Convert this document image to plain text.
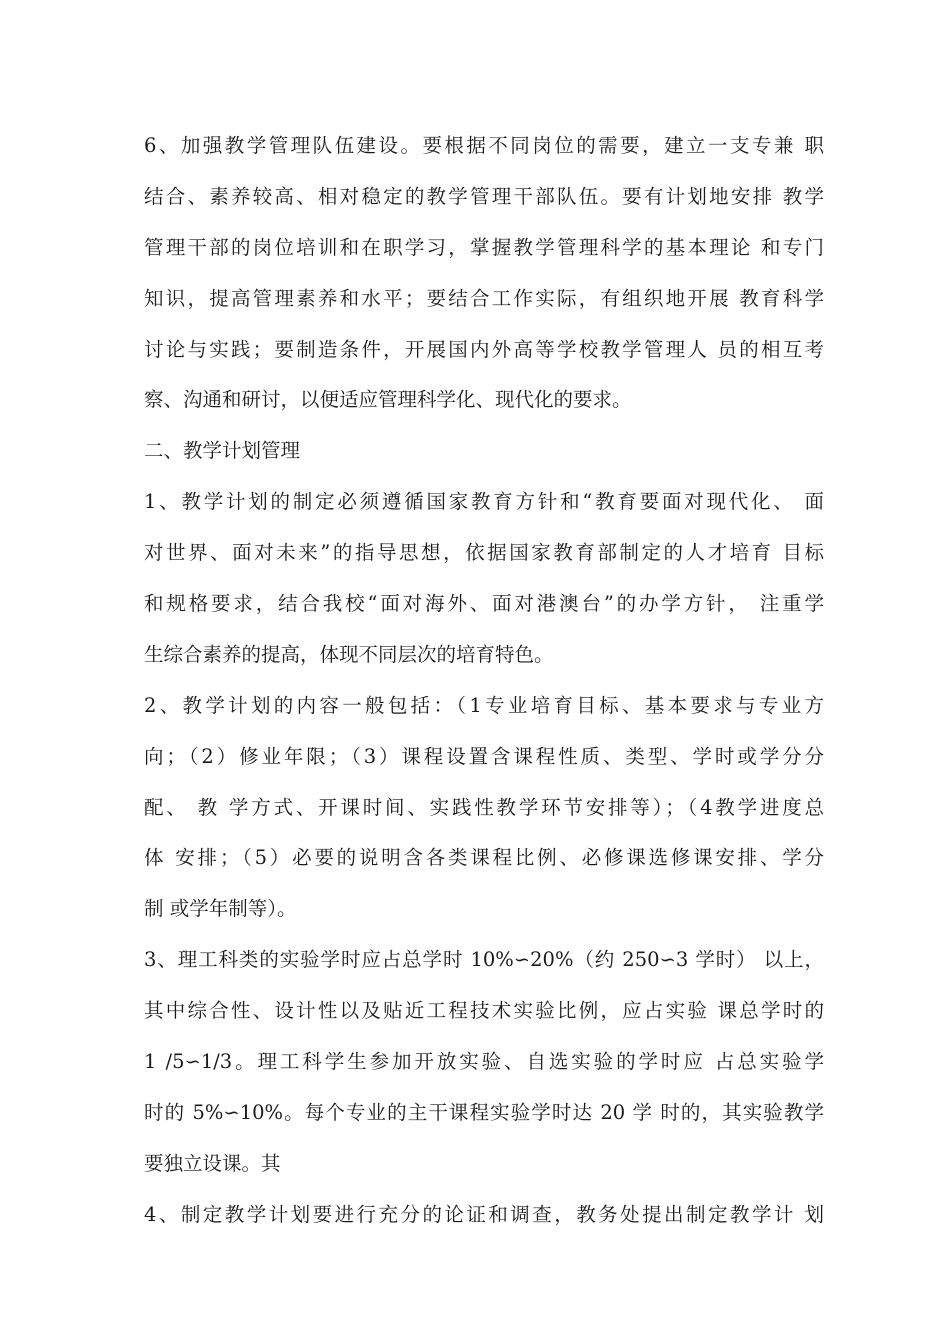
6、加强教学管理队伍建设。要根据不同岗位的需要，建立一支专兼 职
结合、素养较高、相对稳定的教学管理干部队伍。要有计划地安排 教学
管理干部的岗位培训和在职学习，掌握教学管理科学的基本理论 和专门
知识，提高管理素养和水平；要结合工作实际，有组织地开展 教育科学
讨论与实践；要制造条件，开展国内外高等学校教学管理人 员的相互考
察、沟通和研讨，以便适应管理科学化、现代化的要求。
二、教学计划管理
1、教学计划的制定必须遵循国家教育方针和“教育要面对现代化、 面
对世界、面对未来”的指导思想，依据国家教育部制定的人才培育 目标
和规格要求，结合我校“面对海外、面对港澳台”的办学方针， 注重学
生综合素养的提高，体现不同层次的培育特色。
2、教学计划的内容一般包括：（1专业培育目标、基本要求与专业方
向；（2）修业年限；（3）课程设置含课程性质、类型、学时或学分分
配、 教 学方式、开课时间、实践性教学环节安排等）；（4教学进度总
体 安排；（5）必要的说明含各类课程比例、必修课选修课安排、学分
制 或学年制等）。
3、理工科类的实验学时应占总学时 10%∽20%（约 250∽3 学时） 以上，
其中综合性、设计性以及贴近工程技术实验比例，应占实验 课总学时的
1 /5∽1/3。理工科学生参加开放实验、自选实验的学时应 占总实验学
时的 5%∽10%。每个专业的主干课程实验学时达 20 学 时的，其实验教学
要独立设课。其
4、制定教学计划要进行充分的论证和调查，教务处提出制定教学计 划
